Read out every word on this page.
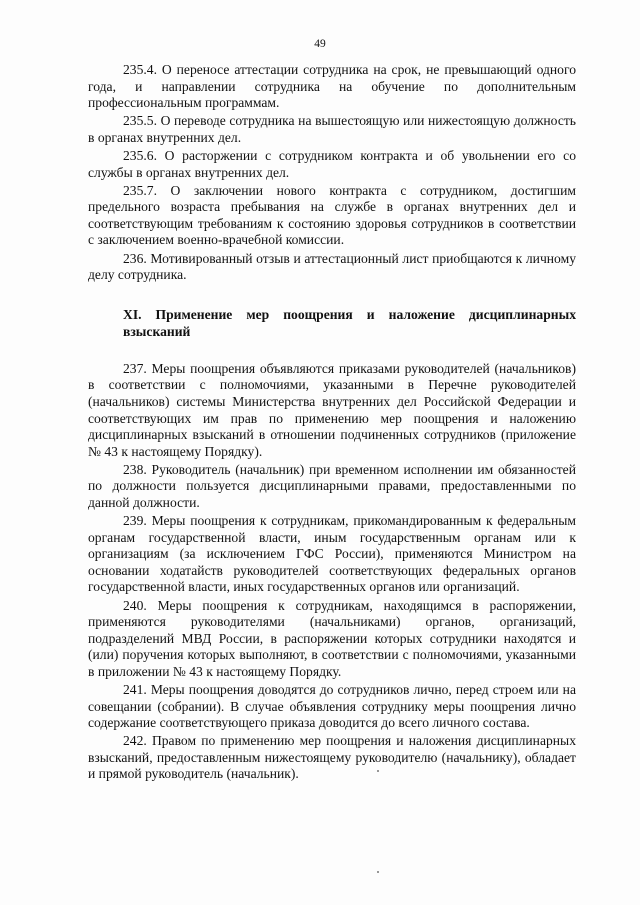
49

235.4. О переносе аттестации сотрудника на срок, не превышающий одного года, и направлении сотрудника на обучение по дополнительным профессиональным программам.

235.5. О переводе сотрудника на вышестоящую или нижестоящую должность в органах внутренних дел.

235.6. О расторжении с сотрудником контракта и об увольнении его со службы в органах внутренних дел.

235.7. О заключении нового контракта с сотрудником, достигшим предельного возраста пребывания на службе в органах внутренних дел и соответствующим требованиям к состоянию здоровья сотрудников в соответствии с заключением военно-врачебной комиссии.

236. Мотивированный отзыв и аттестационный лист приобщаются к личному делу сотрудника.

XI. Применение мер поощрения и наложение дисциплинарных взысканий

237. Меры поощрения объявляются приказами руководителей (начальников) в соответствии с полномочиями, указанными в Перечне руководителей (начальников) системы Министерства внутренних дел Российской Федерации и соответствующих им прав по применению мер поощрения и наложению дисциплинарных взысканий в отношении подчиненных сотрудников (приложение № 43 к настоящему Порядку).

238. Руководитель (начальник) при временном исполнении им обязанностей по должности пользуется дисциплинарными правами, предоставленными по данной должности.

239. Меры поощрения к сотрудникам, прикомандированным к федеральным органам государственной власти, иным государственным органам или к организациям (за исключением ГФС России), применяются Министром на основании ходатайств руководителей соответствующих федеральных органов государственной власти, иных государственных органов или организаций.

240. Меры поощрения к сотрудникам, находящимся в распоряжении, применяются руководителями (начальниками) органов, организаций, подразделений МВД России, в распоряжении которых сотрудники находятся и (или) поручения которых выполняют, в соответствии с полномочиями, указанными в приложении № 43 к настоящему Порядку.

241. Меры поощрения доводятся до сотрудников лично, перед строем или на совещании (собрании). В случае объявления сотруднику меры поощрения лично содержание соответствующего приказа доводится до всего личного состава.

242. Правом по применению мер поощрения и наложения дисциплинарных взысканий, предоставленным нижестоящему руководителю (начальнику), обладает и прямой руководитель (начальник).
